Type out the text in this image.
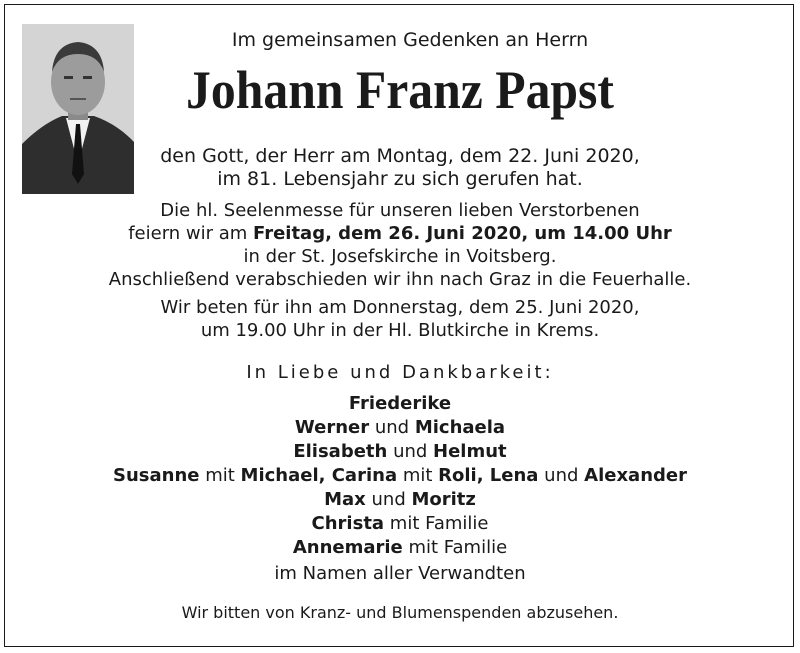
Im gemeinsamen Gedenken an Herrn
Johann Franz Papst
den Gott, der Herr am Montag, dem 22. Juni 2020,
im 81. Lebensjahr zu sich gerufen hat.
Die hl. Seelenmesse für unseren lieben Verstorbenen
feiern wir am Freitag, dem 26. Juni 2020, um 14.00 Uhr
in der St. Josefskirche in Voitsberg.
Anschließend verabschieden wir ihn nach Graz in die Feuerhalle.
Wir beten für ihn am Donnerstag, dem 25. Juni 2020,
um 19.00 Uhr in der Hl. Blutkirche in Krems.
In Liebe und Dankbarkeit:
Friederike
Werner und Michaela
Elisabeth und Helmut
Susanne mit Michael, Carina mit Roli, Lena und Alexander
Max und Moritz
Christa mit Familie
Annemarie mit Familie
im Namen aller Verwandten
Wir bitten von Kranz- und Blumenspenden abzusehen.
